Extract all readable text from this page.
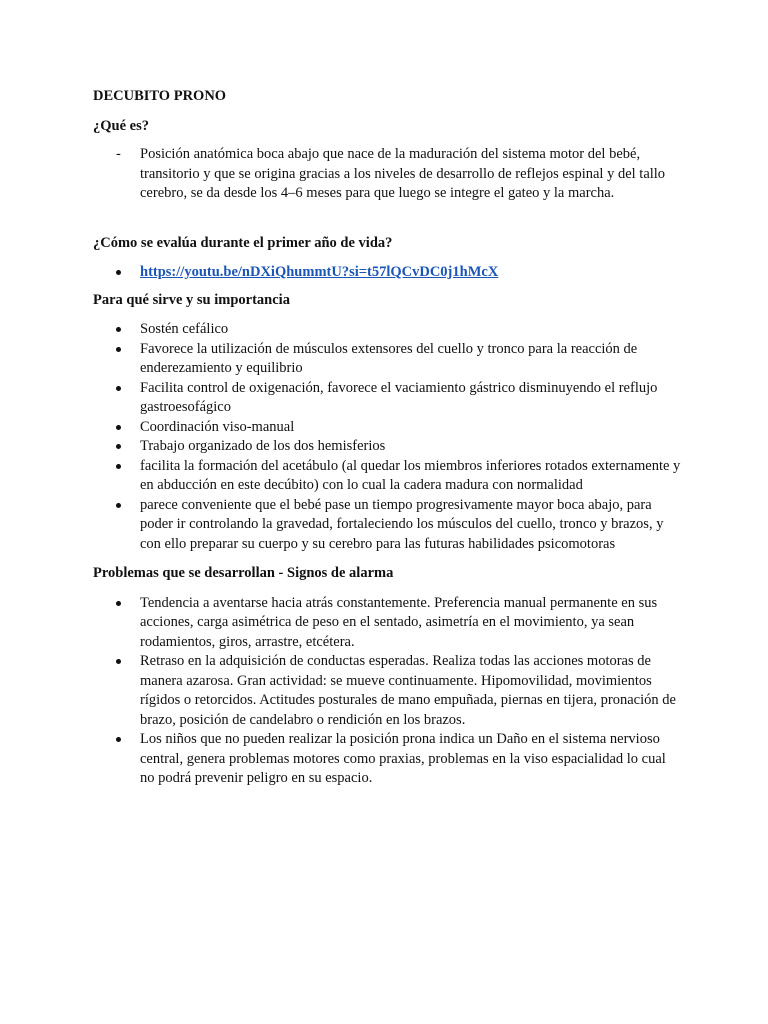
DECUBITO PRONO

¿Qué es?

- Posición anatómica boca abajo que nace de la maduración del sistema motor del bebé, transitorio y que se origina gracias a los niveles de desarrollo de reflejos espinal y del tallo cerebro, se da desde los 4–6 meses para que luego se integre el gateo y la marcha.

¿Cómo se evalúa durante el primer año de vida?

https://youtu.be/nDXiQhummtU?si=t57lQCvDC0j1hMcX

Para qué sirve y su importancia

Sostén cefálico
Favorece la utilización de músculos extensores del cuello y tronco para la reacción de enderezamiento y equilibrio
Facilita control de oxigenación, favorece el vaciamiento gástrico disminuyendo el reflujo gastroesofágico
Coordinación viso-manual
Trabajo organizado de los dos hemisferios
facilita la formación del acetábulo (al quedar los miembros inferiores rotados externamente y en abducción en este decúbito) con lo cual la cadera madura con normalidad
parece conveniente que el bebé pase un tiempo progresivamente mayor boca abajo, para poder ir controlando la gravedad, fortaleciendo los músculos del cuello, tronco y brazos, y con ello preparar su cuerpo y su cerebro para las futuras habilidades psicomotoras

Problemas que se desarrollan - Signos de alarma

Tendencia a aventarse hacia atrás constantemente. Preferencia manual permanente en sus acciones, carga asimétrica de peso en el sentado, asimetría en el movimiento, ya sean rodamientos, giros, arrastre, etcétera.
Retraso en la adquisición de conductas esperadas. Realiza todas las acciones motoras de manera azarosa. Gran actividad: se mueve continuamente. Hipomovilidad, movimientos rígidos o retorcidos. Actitudes posturales de mano empuñada, piernas en tijera, pronación de brazo, posición de candelabro o rendición en los brazos.
Los niños que no pueden realizar la posición prona indica un Daño en el sistema nervioso central, genera problemas motores como praxias, problemas en la viso espacialidad lo cual no podrá prevenir peligro en su espacio.
